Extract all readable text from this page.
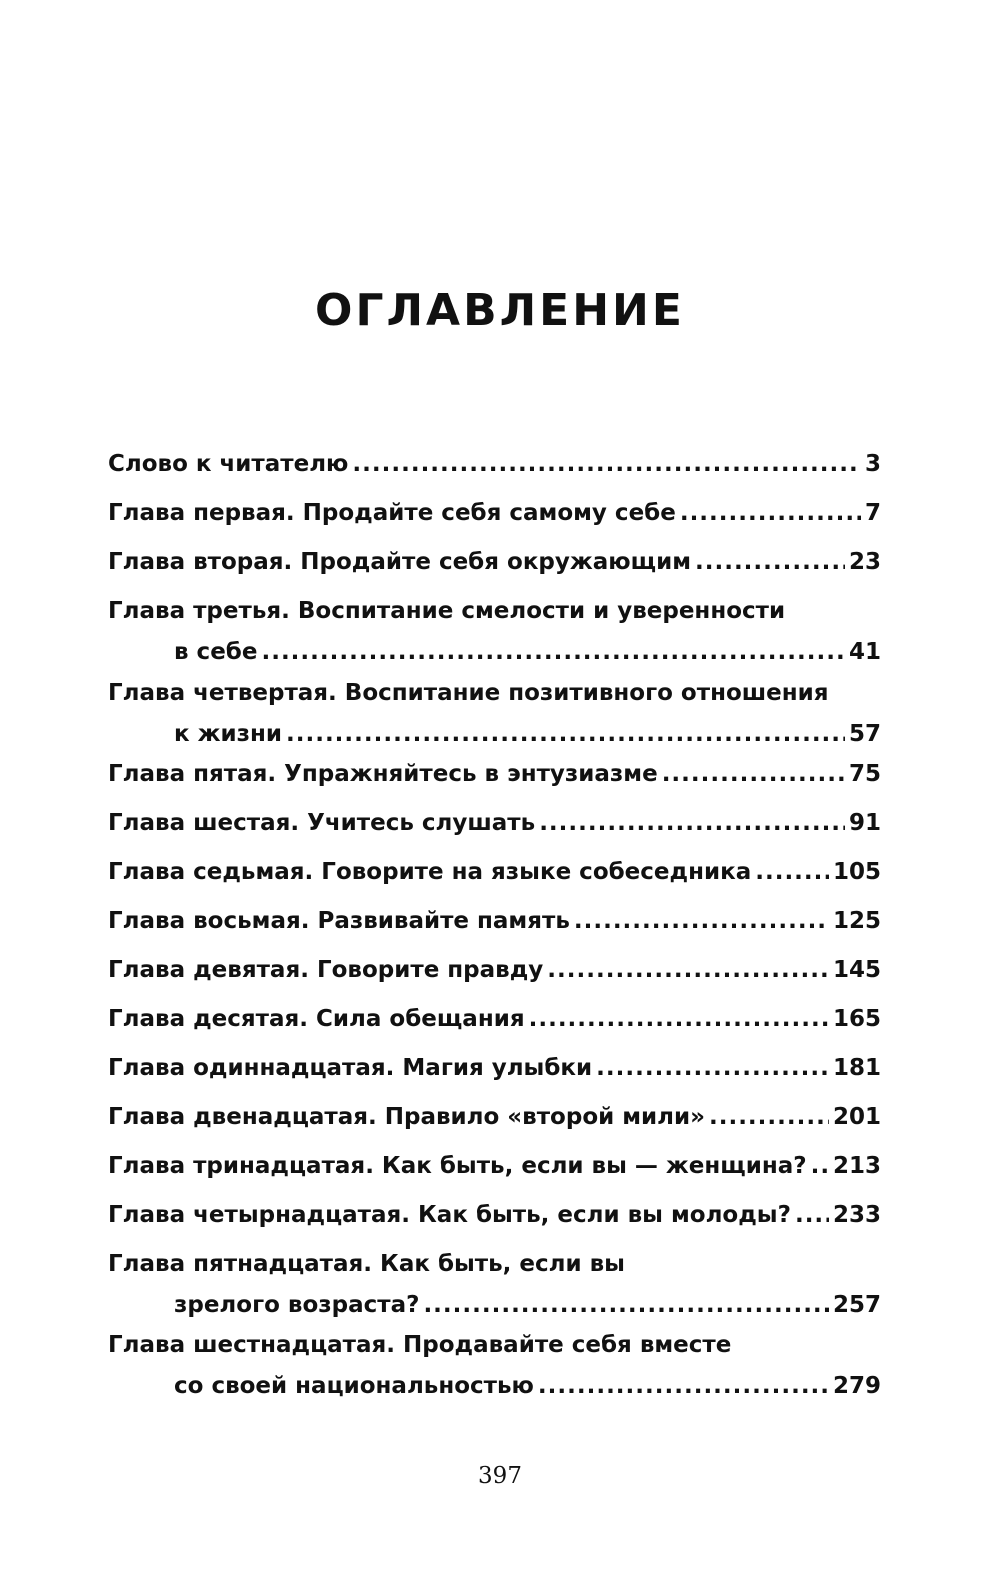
ОГЛАВЛЕНИЕ
Слово к читателю .....	3
Глава первая. Продайте себя самому себе .....	7
Глава вторая. Продайте себя окружающим .....	23
Глава третья. Воспитание смелости и уверенности
в себе .....	41
Глава четвертая. Воспитание позитивного отношения
к жизни .....	57
Глава пятая. Упражняйтесь в энтузиазме .....	75
Глава шестая. Учитесь слушать .....	91
Глава седьмая. Говорите на языке собеседника .....	105
Глава восьмая. Развивайте память .....	125
Глава девятая. Говорите правду .....	145
Глава десятая. Сила обещания .....	165
Глава одиннадцатая. Магия улыбки .....	181
Глава двенадцатая. Правило «второй мили» .....	201
Глава тринадцатая. Как быть, если вы — женщина? ..... 213
Глава четырнадцатая. Как быть, если вы молоды? ..... 233
Глава пятнадцатая. Как быть, если вы
зрелого возраста? .....	257
Глава шестнадцатая. Продавайте себя вместе
со своей национальностью .....	279
397
